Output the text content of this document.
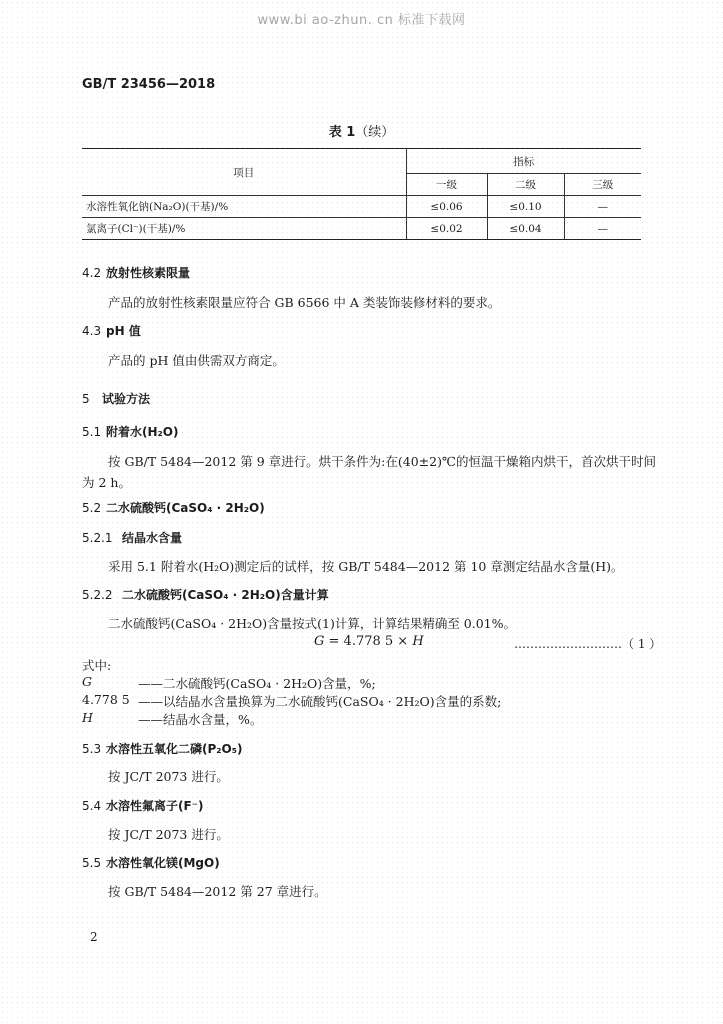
www.bi ao-zhun. cn 标准下载网
GB/T 23456—2018
表 1（续）
项目	指标		
	一级	二级	三级
水溶性氧化钠(Na₂O)(干基)/%	≤0.06	≤0.10	—
氯离子(Cl⁻)(干基)/%	≤0.02	≤0.04	—
4.2 放射性核素限量
产品的放射性核素限量应符合 GB 6566 中 A 类装饰装修材料的要求。
4.3 pH 值
产品的 pH 值由供需双方商定。
5 试验方法
5.1 附着水(H₂O)
按 GB/T 5484—2012 第 9 章进行。烘干条件为:在(40±2)℃的恒温干燥箱内烘干，首次烘干时间
为 2 h。
5.2 二水硫酸钙(CaSO₄ · 2H₂O)
5.2.1 结晶水含量
采用 5.1 附着水(H₂O)测定后的试样，按 GB/T 5484—2012 第 10 章测定结晶水含量(H)。
5.2.2 二水硫酸钙(CaSO₄ · 2H₂O)含量计算
二水硫酸钙(CaSO₄ · 2H₂O)含量按式(1)计算，计算结果精确至 0.01%。
G = 4.778 5 × H	………………………（ 1 ）
式中:
G	——二水硫酸钙(CaSO₄ · 2H₂O)含量，%;
4.778 5 ——以结晶水含量换算为二水硫酸钙(CaSO₄ · 2H₂O)含量的系数;
H	——结晶水含量，%。
5.3 水溶性五氧化二磷(P₂O₅)
按 JC/T 2073 进行。
5.4 水溶性氟离子(F⁻)
按 JC/T 2073 进行。
5.5 水溶性氧化镁(MgO)
按 GB/T 5484—2012 第 27 章进行。
2
